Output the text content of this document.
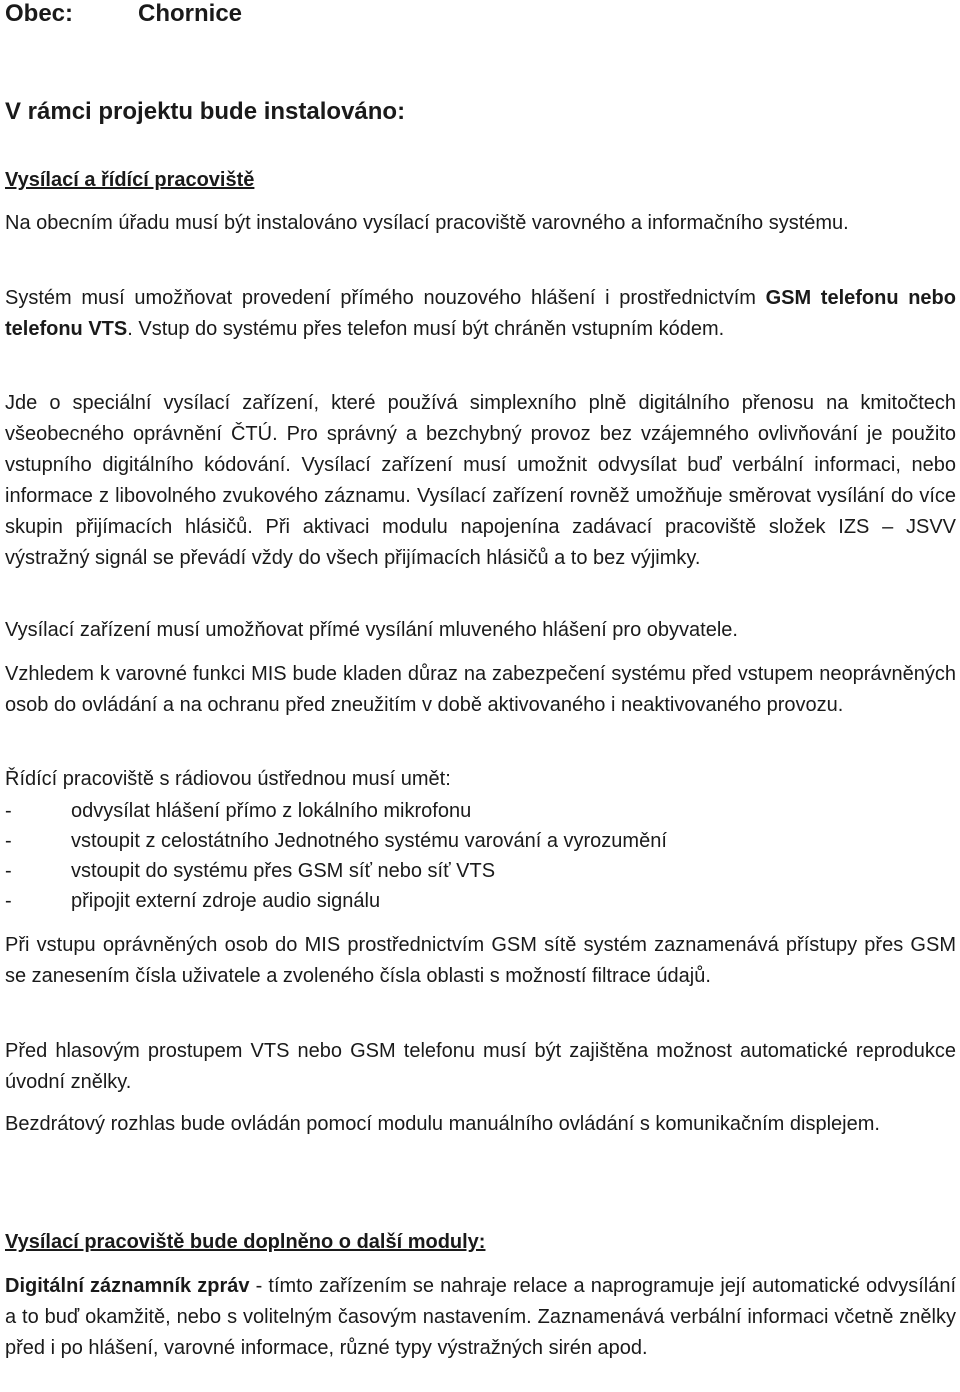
Obec:	Chornice
V rámci projektu bude instalováno:
Vysílací a řídící pracoviště

Na obecním úřadu musí být instalováno vysílací pracoviště varovného a informačního systému.

Systém musí umožňovat provedení přímého nouzového hlášení i prostřednictvím GSM telefonu nebo telefonu VTS. Vstup do systému přes telefon musí být chráněn vstupním kódem.

Jde o speciální vysílací zařízení, které používá simplexního plně digitálního přenosu na kmitočtech všeobecného oprávnění ČTÚ. Pro správný a bezchybný provoz bez vzájemného ovlivňování je použito vstupního digitálního kódování. Vysílací zařízení musí umožnit odvysílat buď verbální informaci, nebo informace z libovolného zvukového záznamu. Vysílací zařízení rovněž umožňuje směrovat vysílání do více skupin přijímacích hlásičů. Při aktivaci modulu napojenína zadávací pracoviště složek IZS – JSVV výstražný signál se převádí vždy do všech přijímacích hlásičů a to bez výjimky.

Vysílací zařízení musí umožňovat přímé vysílání mluveného hlášení pro obyvatele.

Vzhledem k varovné funkci MIS bude kladen důraz na zabezpečení systému před vstupem neoprávněných osob do ovládání a na ochranu před zneužitím v době aktivovaného i neaktivovaného provozu.

Řídící pracoviště s rádiovou ústřednou musí umět:

- odvysílat hlášení přímo z lokálního mikrofonu
- vstoupit z celostátního Jednotného systému varování a vyrozumění
- vstoupit do systému přes GSM síť nebo síť VTS
- připojit externí zdroje audio signálu

Při vstupu oprávněných osob do MIS prostřednictvím GSM sítě systém zaznamenává přístupy přes GSM se zanesením čísla uživatele a zvoleného čísla oblasti s možností filtrace údajů.

Před hlasovým prostupem VTS nebo GSM telefonu musí být zajištěna možnost automatické reprodukce úvodní znělky.

Bezdrátový rozhlas bude ovládán pomocí modulu manuálního ovládání s komunikačním displejem.

Vysílací pracoviště bude doplněno o další moduly:

Digitální záznamník zpráv - tímto zařízením se nahraje relace a naprogramuje její automatické odvysílání a to buď okamžitě, nebo s volitelným časovým nastavením. Zaznamenává verbální informaci včetně znělky před i po hlášení, varovné informace, různé typy výstražných sirén apod.
